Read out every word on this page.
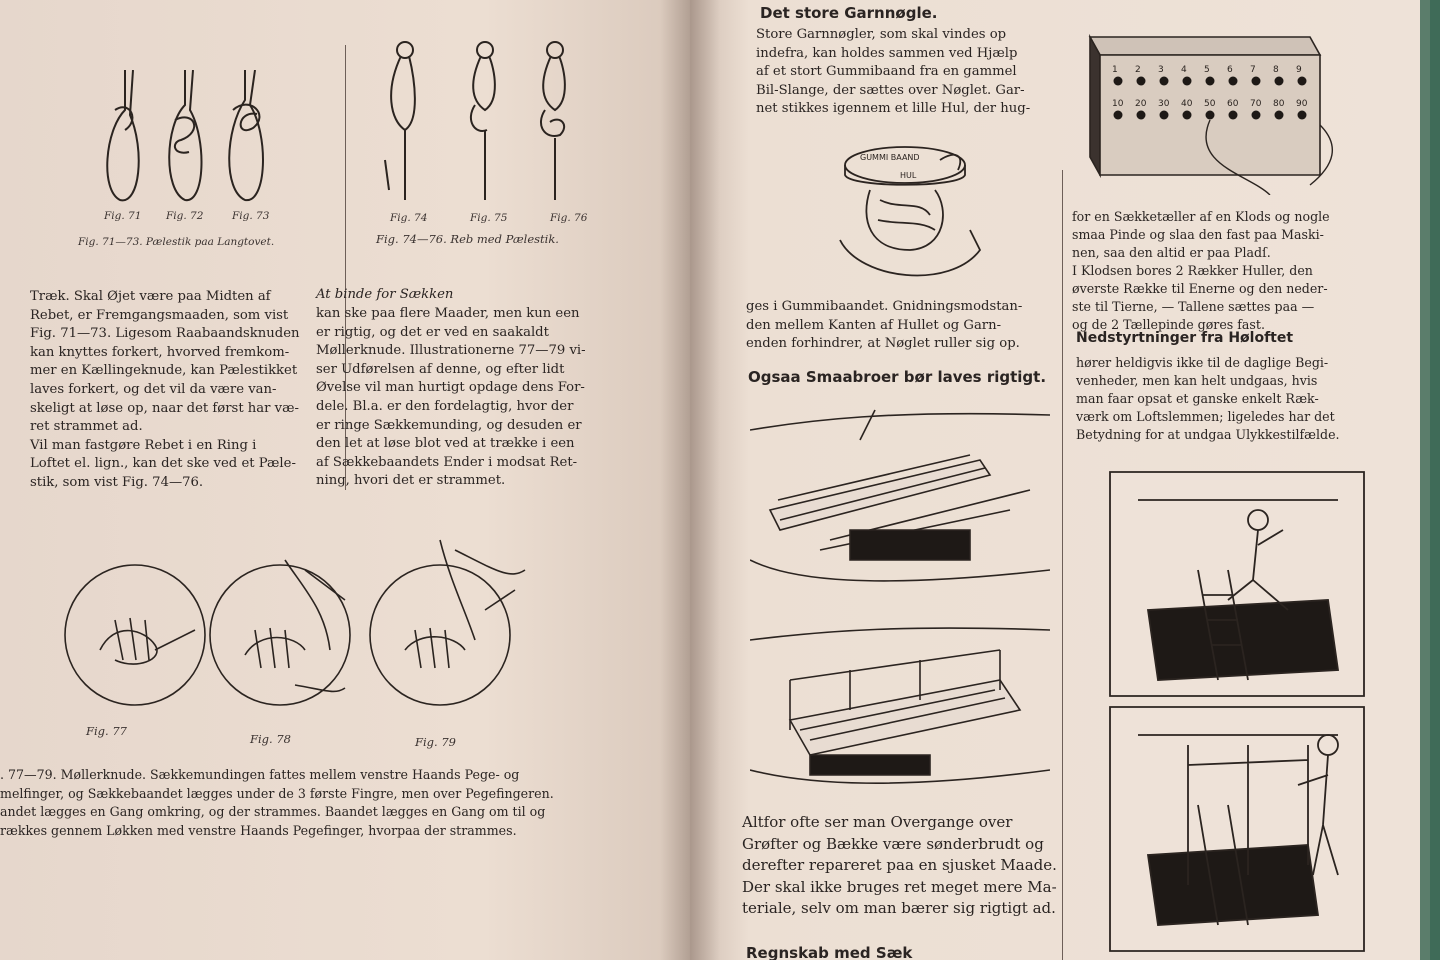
Fig. 71 Fig. 72	Fig. 73
Fig. 71—73. Pælestik paa Langtovet.
Fig. 74	Fig. 75	Fig. 76
Fig. 74—76. Reb med Pælestik.
Træk. Skal Øjet være paa Midten af
Rebet, er Fremgangsmaaden, som vist
Fig. 71—73. Ligesom Raabaandsknuden
kan knyttes forkert, hvorved fremkom-
mer en Kællingeknude, kan Pælestikket
laves forkert, og det vil da være van-
skeligt at løse op, naar det først har væ-
ret strammet ad.
Vil man fastgøre Rebet i en Ring i
Loftet el. lign., kan det ske ved et Pæle-
stik, som vist Fig. 74—76.
At binde for Sækken
kan ske paa flere Maader, men kun een
er rigtig, og det er ved en saakaldt
Møllerknude. Illustrationerne 77—79 vi-
ser Udførelsen af denne, og efter lidt
Øvelse vil man hurtigt opdage dens For-
dele. Bl.a. er den fordelagtig, hvor der
er ringe Sækkemunding, og desuden er
den let at løse blot ved at trække i een
af Sækkebaandets Ender i modsat Ret-
ning, hvori det er strammet.
Fig. 77
Fig. 78	Fig. 79
. 77—79. Møllerknude. Sækkemundingen fattes mellem venstre Haands Pege- og
melfinger, og Sækkebaandet lægges under de 3 første Fingre, men over Pegefingeren.
andet lægges en Gang omkring, og der strammes. Baandet lægges en Gang om til og
rækkes gennem Løkken med venstre Haands Pegefinger, hvorpaa der strammes.
Det store Garnnøgle.
Store Garnnøgler, som skal vindes op
indefra, kan holdes sammen ved Hjælp
af et stort Gummibaand fra en gammel
Bil-Slange, der sættes over Nøglet. Gar-
net stikkes igennem et lille Hul, der hug-
GUMMI BAAND
HUL
ges i Gummibaandet. Gnidningsmodstan-
den mellem Kanten af Hullet og Garn-
enden forhindrer, at Nøglet ruller sig op.
1 2 3 4 5 6 7 8 9
10 20 30 40 50 60 70 80 90
for en Sækketæller af en Klods og nogle
smaa Pinde og slaa den fast paa Maski-
nen, saa den altid er paa Pladſ.
I Klodsen bores 2 Rækker Huller, den
øverste Række til Enerne og den neder-
ste til Tierne, — Tallene sættes paa —
og de 2 Tællepinde gøres fast.
Ogsaa Smaabroer bør laves rigtigt.
Altfor ofte ser man Overgange over
Grøfter og Bække være sønderbrudt og
derefter repareret paa en sjusket Maade.
Der skal ikke bruges ret meget mere Ma-
teriale, selv om man bærer sig rigtigt ad.
Nedstyrtninger fra Høloftet
hører heldigvis ikke til de daglige Begi-
venheder, men kan helt undgaas, hvis
man faar opsat et ganske enkelt Ræk-
værk om Loftslemmen; ligeledes har det
Betydning for at undgaa Ulykkestilfælde.
Regnskab med Sæk
